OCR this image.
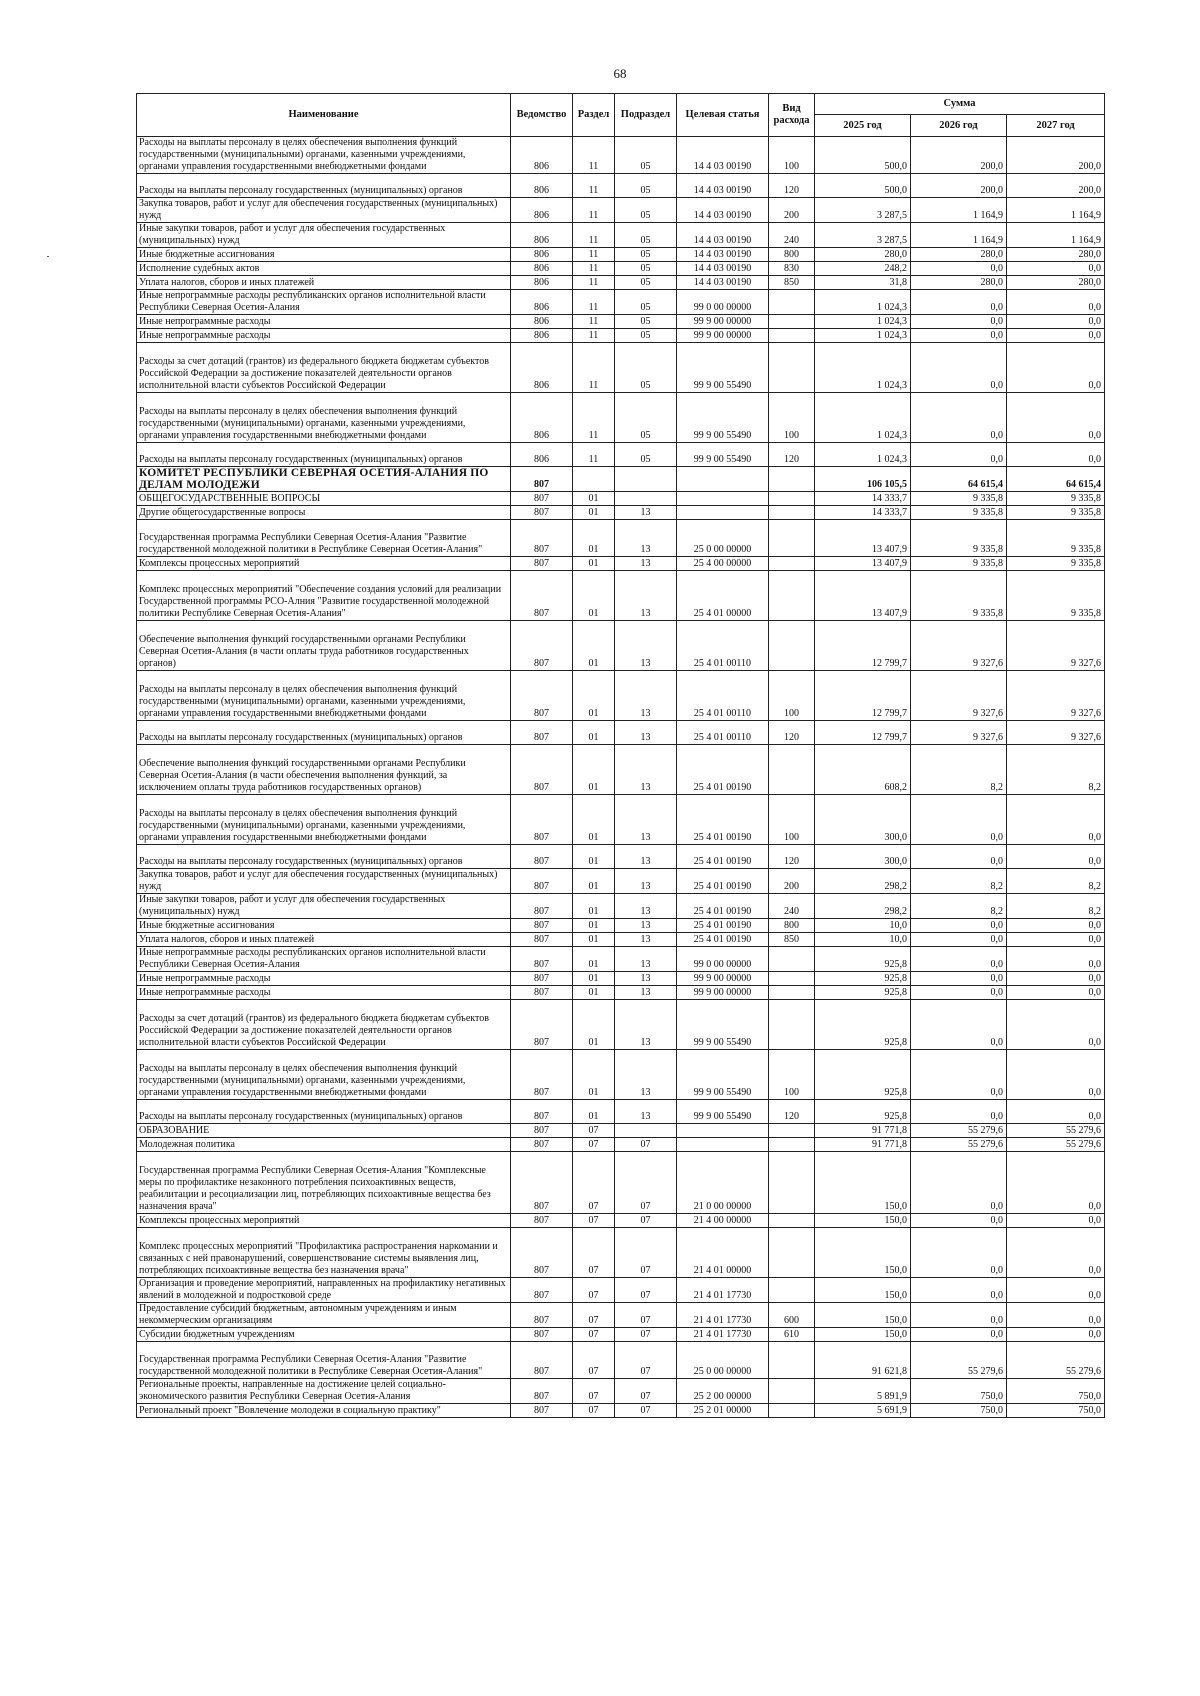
68
Наименование	Ведомство	Раздел	Подраздел	Целевая статья	Вид расхода	Сумма		
						2025 год	2026 год	2027 год
Расходы на выплаты персоналу в целях обеспечения выполнения функций государственными (муниципальными) органами, казенными учреждениями, органами управления государственными внебюджетными фондами	806	11	05	14 4 03 00190	100	500,0	200,0	200,0
Расходы на выплаты персоналу государственных (муниципальных) органов	806	11	05	14 4 03 00190	120	500,0	200,0	200,0
Закупка товаров, работ и услуг для обеспечения государственных (муниципальных) нужд	806	11	05	14 4 03 00190	200	3 287,5	1 164,9	1 164,9
Иные закупки товаров, работ и услуг для обеспечения государственных (муниципальных) нужд	806	11	05	14 4 03 00190	240	3 287,5	1 164,9	1 164,9
Иные бюджетные ассигнования	806	11	05	14 4 03 00190	800	280,0	280,0	280,0
Исполнение судебных актов	806	11	05	14 4 03 00190	830	248,2	0,0	0,0
Уплата налогов, сборов и иных платежей	806	11	05	14 4 03 00190	850	31,8	280,0	280,0
Иные непрограммные расходы республиканских органов исполнительной власти Республики Северная Осетия-Алания	806	11	05	99 0 00 00000		1 024,3	0,0	0,0
Иные непрограммные расходы	806	11	05	99 9 00 00000		1 024,3	0,0	0,0
Иные непрограммные расходы	806	11	05	99 9 00 00000		1 024,3	0,0	0,0
Расходы за счет дотаций (грантов) из федерального бюджета бюджетам субъектов Российской Федерации за достижение показателей деятельности органов исполнительной власти субъектов Российской Федерации	806	11	05	99 9 00 55490		1 024,3	0,0	0,0
Расходы на выплаты персоналу в целях обеспечения выполнения функций государственными (муниципальными) органами, казенными учреждениями, органами управления государственными внебюджетными фондами	806	11	05	99 9 00 55490	100	1 024,3	0,0	0,0
Расходы на выплаты персоналу государственных (муниципальных) органов	806	11	05	99 9 00 55490	120	1 024,3	0,0	0,0
КОМИТЕТ РЕСПУБЛИКИ СЕВЕРНАЯ ОСЕТИЯ-АЛАНИЯ ПО ДЕЛАМ МОЛОДЕЖИ	807					106 105,5	64 615,4	64 615,4
ОБЩЕГОСУДАРСТВЕННЫЕ ВОПРОСЫ	807	01				14 333,7	9 335,8	9 335,8
Другие общегосударственные вопросы	807	01	13			14 333,7	9 335,8	9 335,8
Государственная программа Республики Северная Осетия-Алания "Развитие государственной молодежной политики в Республике Северная Осетия-Алания"	807	01	13	25 0 00 00000		13 407,9	9 335,8	9 335,8
Комплексы процессных мероприятий	807	01	13	25 4 00 00000		13 407,9	9 335,8	9 335,8
Комплекс процессных мероприятий "Обеспечение создания условий для реализации Государственной программы РСО-Алния "Развитие государственной молодежной политики Республике Северная Осетия-Алания"	807	01	13	25 4 01 00000		13 407,9	9 335,8	9 335,8
Обеспечение выполнения функций государственными органами Республики Северная Осетия-Алания (в части оплаты труда работников государственных органов)	807	01	13	25 4 01 00110		12 799,7	9 327,6	9 327,6
Расходы на выплаты персоналу в целях обеспечения выполнения функций государственными (муниципальными) органами, казенными учреждениями, органами управления государственными внебюджетными фондами	807	01	13	25 4 01 00110	100	12 799,7	9 327,6	9 327,6
Расходы на выплаты персоналу государственных (муниципальных) органов	807	01	13	25 4 01 00110	120	12 799,7	9 327,6	9 327,6
Обеспечение выполнения функций государственными органами Республики Северная Осетия-Алания (в части обеспечения выполнения функций, за исключением оплаты труда работников государственных органов)	807	01	13	25 4 01 00190		608,2	8,2	8,2
Расходы на выплаты персоналу в целях обеспечения выполнения функций государственными (муниципальными) органами, казенными учреждениями, органами управления государственными внебюджетными фондами	807	01	13	25 4 01 00190	100	300,0	0,0	0,0
Расходы на выплаты персоналу государственных (муниципальных) органов	807	01	13	25 4 01 00190	120	300,0	0,0	0,0
Закупка товаров, работ и услуг для обеспечения государственных (муниципальных) нужд	807	01	13	25 4 01 00190	200	298,2	8,2	8,2
Иные закупки товаров, работ и услуг для обеспечения государственных (муниципальных) нужд	807	01	13	25 4 01 00190	240	298,2	8,2	8,2
Иные бюджетные ассигнования	807	01	13	25 4 01 00190	800	10,0	0,0	0,0
Уплата налогов, сборов и иных платежей	807	01	13	25 4 01 00190	850	10,0	0,0	0,0
Иные непрограммные расходы республиканских органов исполнительной власти Республики Северная Осетия-Алания	807	01	13	99 0 00 00000		925,8	0,0	0,0
Иные непрограммные расходы	807	01	13	99 9 00 00000		925,8	0,0	0,0
Иные непрограммные расходы	807	01	13	99 9 00 00000		925,8	0,0	0,0
Расходы за счет дотаций (грантов) из федерального бюджета бюджетам субъектов Российской Федерации за достижение показателей деятельности органов исполнительной власти субъектов Российской Федерации	807	01	13	99 9 00 55490		925,8	0,0	0,0
Расходы на выплаты персоналу в целях обеспечения выполнения функций государственными (муниципальными) органами, казенными учреждениями, органами управления государственными внебюджетными фондами	807	01	13	99 9 00 55490	100	925,8	0,0	0,0
Расходы на выплаты персоналу государственных (муниципальных) органов	807	01	13	99 9 00 55490	120	925,8	0,0	0,0
ОБРАЗОВАНИЕ	807	07				91 771,8	55 279,6	55 279,6
Молодежная политика	807	07	07			91 771,8	55 279,6	55 279,6
Государственная программа Республики Северная Осетия-Алания "Комплексные меры по профилактике незаконного потребления психоактивных веществ, реабилитации и ресоциализации лиц, потребляющих психоактивные вещества без назначения врача"	807	07	07	21 0 00 00000		150,0	0,0	0,0
Комплексы процессных мероприятий	807	07	07	21 4 00 00000		150,0	0,0	0,0
Комплекс процессных мероприятий "Профилактика распространения наркомании и связанных с ней правонарушений, совершенствование системы выявления лиц, потребляющих психоактивные вещества без назначения врача"	807	07	07	21 4 01 00000		150,0	0,0	0,0
Организация и проведение мероприятий, направленных на профилактику негативных явлений в молодежной и подростковой среде	807	07	07	21 4 01 17730		150,0	0,0	0,0
Предоставление субсидий бюджетным, автономным учреждениям и иным некоммерческим организациям	807	07	07	21 4 01 17730	600	150,0	0,0	0,0
Субсидии бюджетным учреждениям	807	07	07	21 4 01 17730	610	150,0	0,0	0,0
Государственная программа Республики Северная Осетия-Алания "Развитие государственной молодежной политики в Республике Северная Осетия-Алания"	807	07	07	25 0 00 00000		91 621,8	55 279,6	55 279,6
Региональные проекты, направленные на достижение целей социально-экономического развития Республики Северная Осетия-Алания	807	07	07	25 2 00 00000		5 891,9	750,0	750,0
Региональный проект "Вовлечение молодежи в социальную практику"	807	07	07	25 2 01 00000		5 691,9	750,0	750,0
